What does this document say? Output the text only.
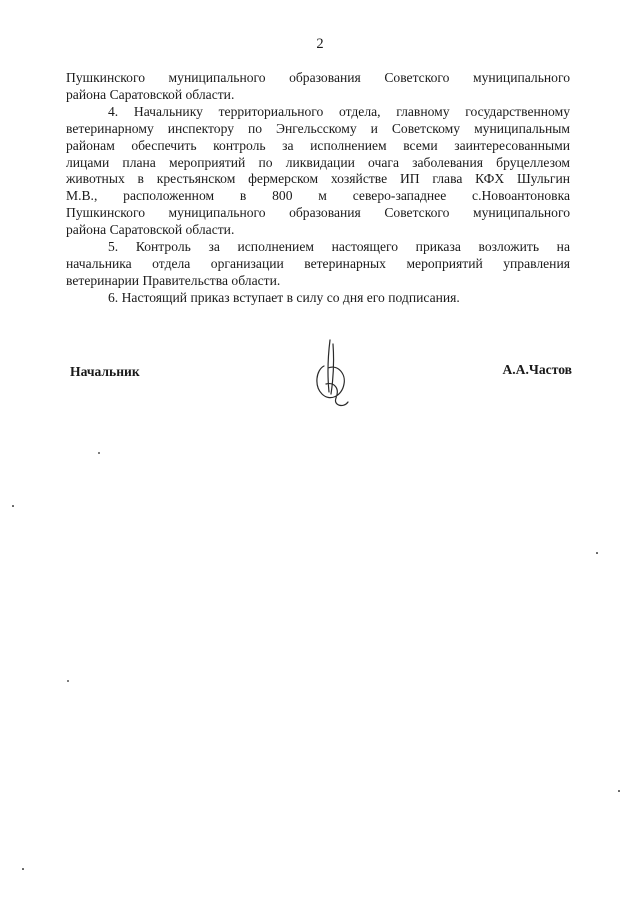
2

Пушкинского муниципального образования Советского муниципального
района Саратовской области.

4. Начальнику территориального отдела, главному государственному
ветеринарному инспектору по Энгельсскому и Советскому муниципальным
районам обеспечить контроль за исполнением всеми заинтересованными
лицами плана мероприятий по ликвидации очага заболевания бруцеллезом
животных в крестьянском фермерском хозяйстве ИП глава КФХ Шульгин
М.В., расположенном в 800 м северо-западнее с.Новоантоновка
Пушкинского муниципального образования Советского муниципального
района Саратовской области.

5. Контроль за исполнением настоящего приказа возложить на
начальника отдела организации ветеринарных мероприятий управления
ветеринарии Правительства области.

6. Настоящий приказ вступает в силу со дня его подписания.

Начальник	А.А.Частов
